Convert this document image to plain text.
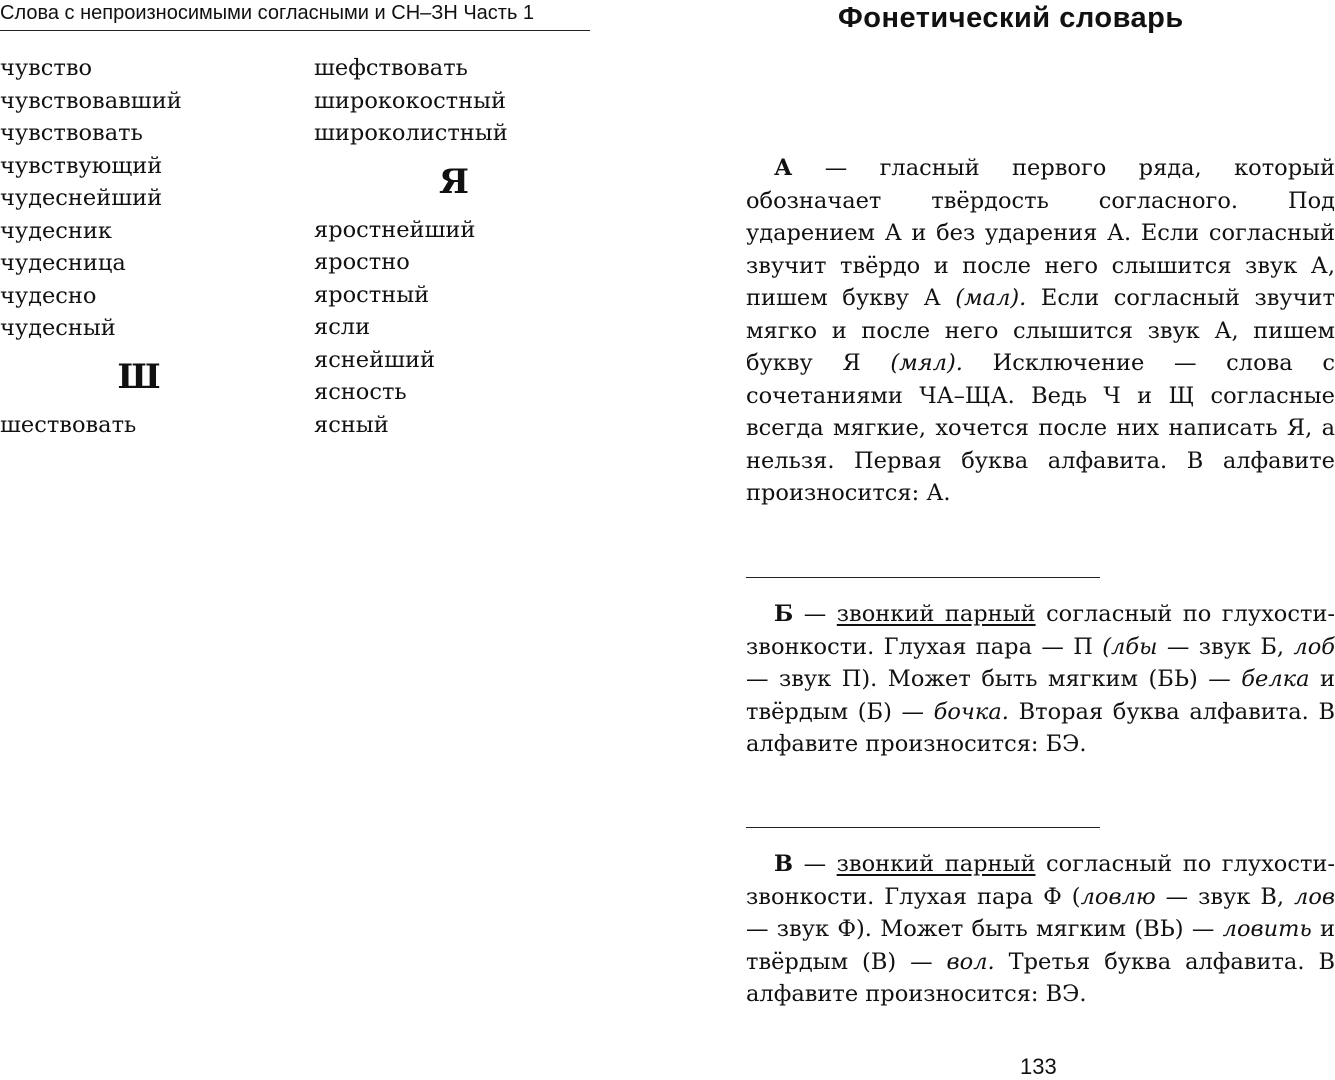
Слова с непроизносимыми согласными и СН–ЗН Часть 1
чувство
чувствовавший
чувствовать
чувствующий
чудеснейший
чудесник
чудесница
чудесно
чудесный
Ш
шествовать
шефствовать
ширококостный
широколистный
Я
яростнейший
яростно
яростный
ясли
яснейший
ясность
ясный
Фонетический словарь

А — гласный первого ряда, который обозначает твёрдость согласного. Под ударением А и без ударения А. Если согласный звучит твёрдо и после него слышится звук А, пишем букву А (мал). Если согласный звучит мягко и после него слышится звук А, пишем букву Я (мял). Исключение — слова с сочетаниями ЧА–ЩА. Ведь Ч и Щ согласные всегда мягкие, хочется после них написать Я, а нельзя. Первая буква алфавита. В алфавите произносится: А.

Б — звонкий парный согласный по глухости-звонкости. Глухая пара — П (лбы — звук Б, лоб — звук П). Может быть мягким (БЬ) — белка и твёрдым (Б) — бочка. Вторая буква алфавита. В алфавите произносится: БЭ.

В — звонкий парный согласный по глухости-звонкости. Глухая пара Ф (ловлю — звук В, лов — звук Ф). Может быть мягким (ВЬ) — ловить и твёрдым (В) — вол. Третья буква алфавита. В алфавите произносится: ВЭ.

133
